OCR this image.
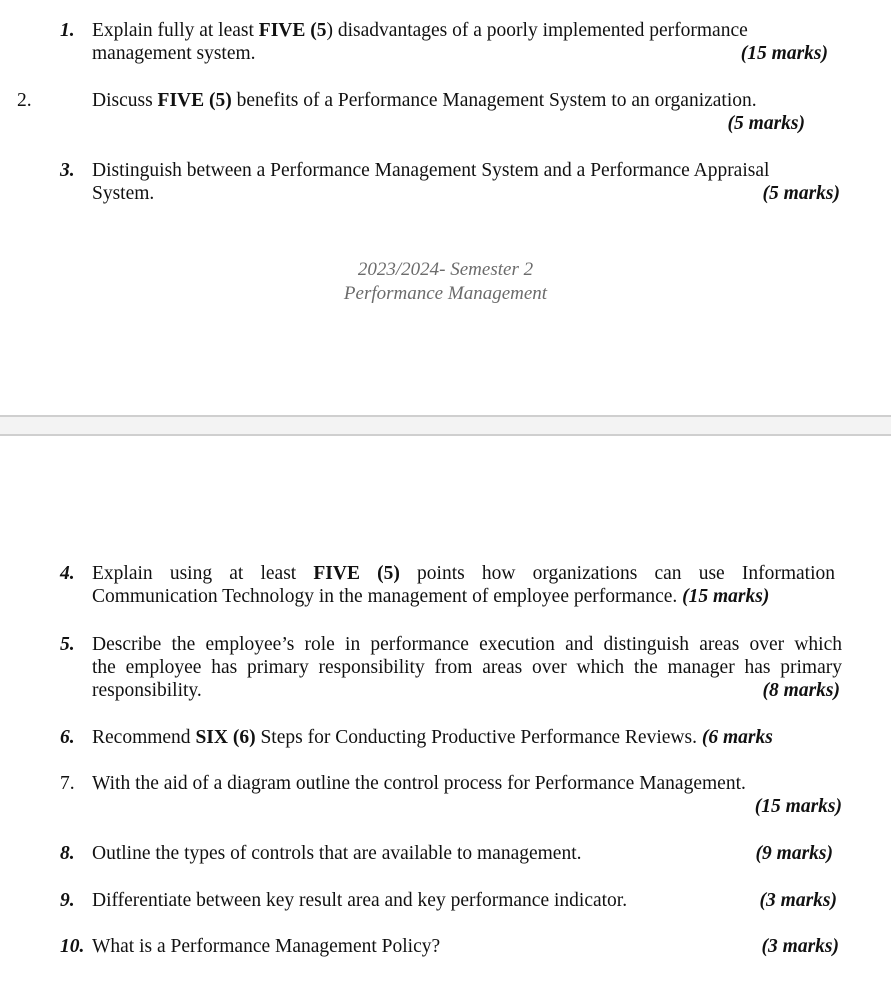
1. Explain fully at least FIVE (5) disadvantages of a poorly implemented performance
management system.	(15 marks)
2.	Discuss FIVE (5) benefits of a Performance Management System to an organization.
(5 marks)
3. Distinguish between a Performance Management System and a Performance Appraisal
System.	(5 marks)
2023/2024- Semester 2
Performance Management
4. Explain using at least FIVE (5) points how organizations can use Information
Communication Technology in the management of employee performance. (15 marks)
5. Describe the employee’s role in performance execution and distinguish areas over which
the employee has primary responsibility from areas over which the manager has primary
responsibility.	(8 marks)
6. Recommend SIX (6) Steps for Conducting Productive Performance Reviews. (6 marks
7. With the aid of a diagram outline the control process for Performance Management.
(15 marks)
8. Outline the types of controls that are available to management.	(9 marks)
9. Differentiate between key result area and key performance indicator.	(3 marks)
10. What is a Performance Management Policy?	(3 marks)
